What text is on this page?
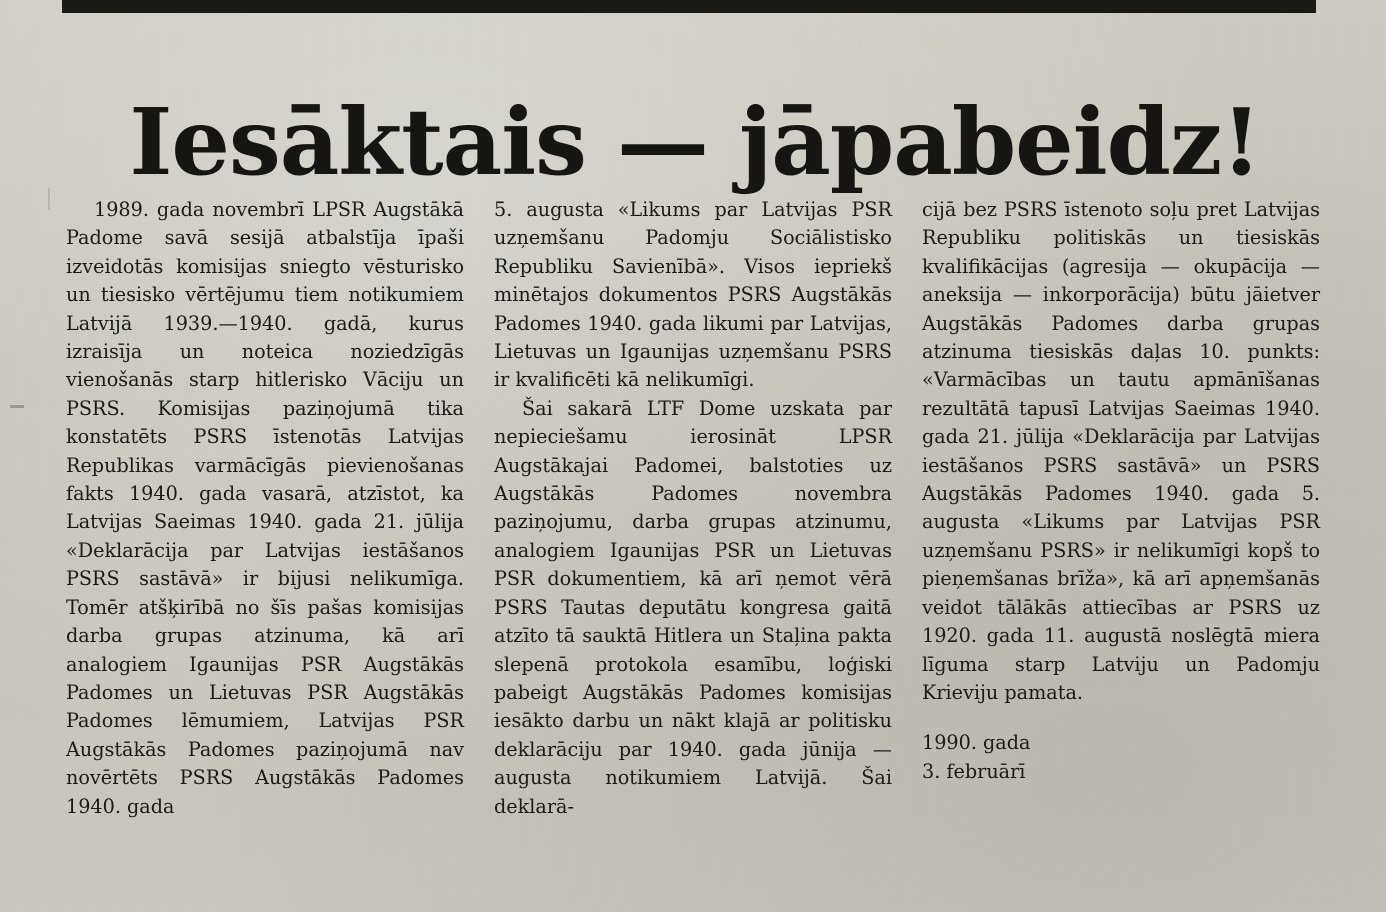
Iesāktais — jāpabeidz!

1989. gada novembrī LPSR Augstākā Padome savā sesijā atbalstīja īpaši izveidotās komisijas sniegto vēsturisko un tiesisko vērtējumu tiem notikumiem Latvijā 1939.—1940. gadā, kurus izraisīja un noteica noziedzīgās vienošanās starp hitlerisko Vāciju un PSRS. Komisijas paziņojumā tika konstatēts PSRS īstenotās Latvijas Republikas varmācīgās pievienošanas fakts 1940. gada vasarā, atzīstot, ka Latvijas Saeimas 1940. gada 21. jūlija «Deklarācija par Latvijas iestāšanos PSRS sastāvā» ir bijusi nelikumīga. Tomēr atšķirībā no šīs pašas komisijas darba grupas atzinuma, kā arī analogiem Igaunijas PSR Augstākās Padomes un Lietuvas PSR Augstākās Padomes lēmumiem, Latvijas PSR Augstākās Padomes paziņojumā nav novērtēts PSRS Augstākās Padomes 1940. gada

5. augusta «Likums par Latvijas PSR uzņemšanu Padomju Sociālistisko Republiku Savienībā». Visos iepriekš minētajos dokumentos PSRS Augstākās Padomes 1940. gada likumi par Latvijas, Lietuvas un Igaunijas uzņemšanu PSRS ir kvalificēti kā nelikumīgi.

Šai sakarā LTF Dome uzskata par nepieciešamu ierosināt LPSR Augstākajai Padomei, balstoties uz Augstākās Padomes novembra paziņojumu, darba grupas atzinumu, analogiem Igaunijas PSR un Lietuvas PSR dokumentiem, kā arī ņemot vērā PSRS Tautas deputātu kongresa gaitā atzīto tā sauktā Hitlera un Staļina pakta slepenā protokola esamību, loģiski pabeigt Augstākās Padomes komisijas iesākto darbu un nākt klajā ar politisku deklarāciju par 1940. gada jūnija — augusta notikumiem Latvijā. Šai deklarā-

cijā bez PSRS īstenoto soļu pret Latvijas Republiku politiskās un tiesiskās kvalifikācijas (agresija — okupācija — aneksija — inkorporācija) būtu jāietver Augstākās Padomes darba grupas atzinuma tiesiskās daļas 10. punkts: «Varmācības un tautu apmānīšanas rezultātā tapusī Latvijas Saeimas 1940. gada 21. jūlija «Deklarācija par Latvijas iestāšanos PSRS sastāvā» un PSRS Augstākās Padomes 1940. gada 5. augusta «Likums par Latvijas PSR uzņemšanu PSRS» ir nelikumīgi kopš to pieņemšanas brīža», kā arī apņemšanās veidot tālākās attiecības ar PSRS uz 1920. gada 11. augustā noslēgtā miera līguma starp Latviju un Padomju Krieviju pamata.

1990. gada
3. februārī
